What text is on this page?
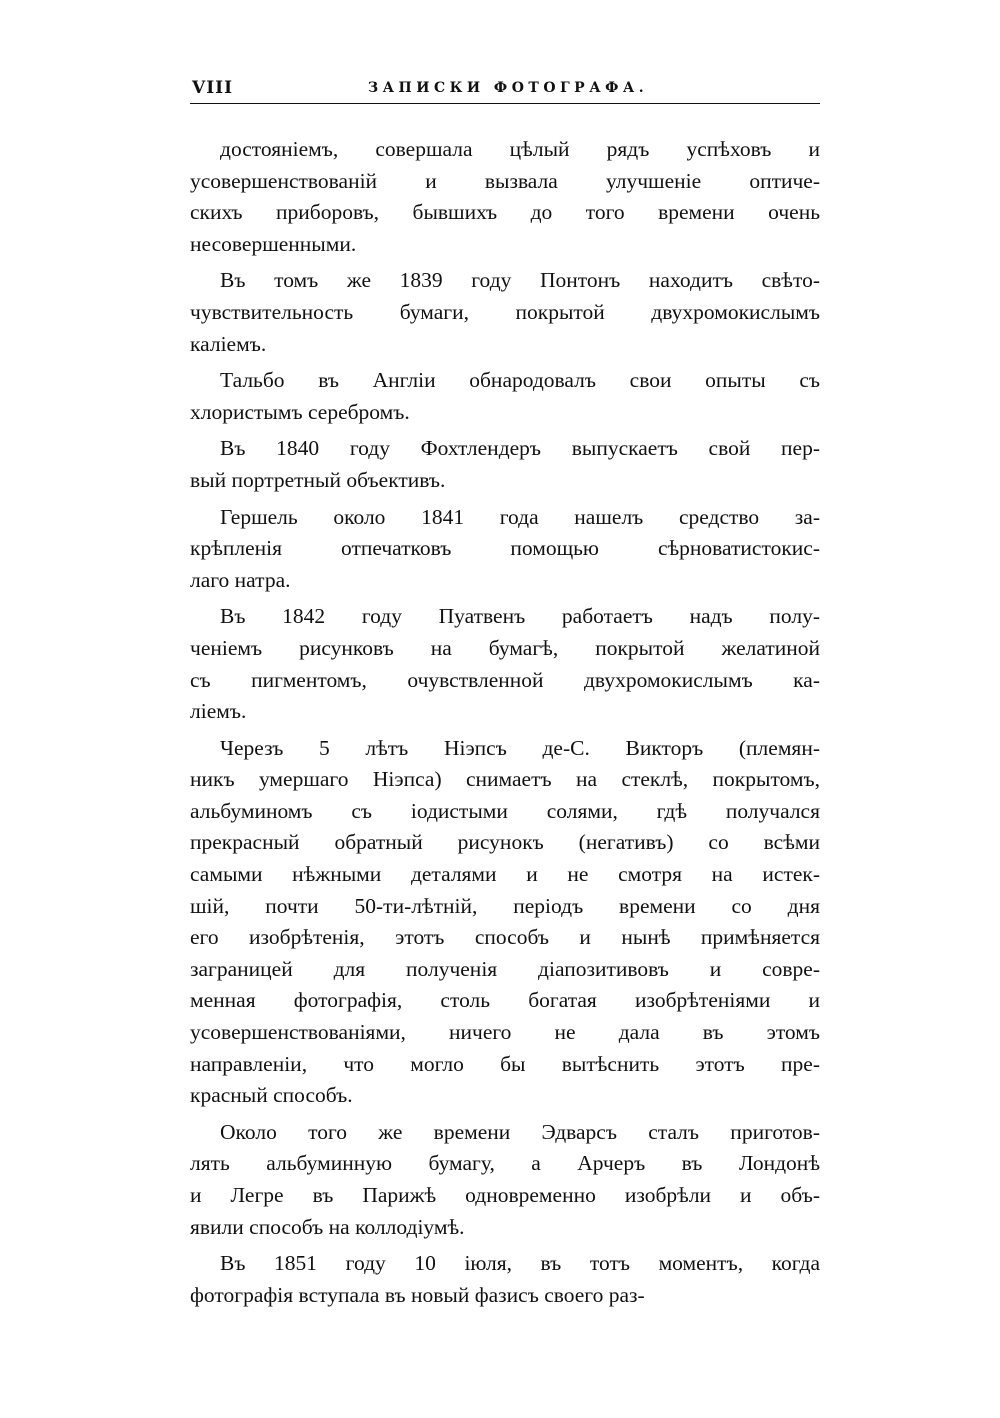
VIII	ЗАПИСКИ ФОТОГРАФА.
достоянiемъ, совершала цѣлый рядъ успѣховъ и
усовершенствованiй и вызвала улучшенiе оптиче-
скихъ приборовъ, бывшихъ до того времени очень
несовершенными.
Въ томъ же 1839 году Понтонъ находитъ свѣто-
чувствительность бумаги, покрытой двухромокислымъ
калiемъ.
Тальбо въ Англiи обнародовалъ свои опыты съ
хлористымъ серебромъ.
Въ 1840 году Фохтлендеръ выпускаетъ свой пер-
вый портретный объективъ.
Гершель около 1841 года нашелъ средство за-
крѣпленiя отпечатковъ помощью сѣрноватистокис-
лаго натра.
Въ 1842 году Пуатвенъ работаетъ надъ полу-
ченiемъ рисунковъ на бумагѣ, покрытой желатиной
съ пигментомъ, очувствленной двухромокислымъ ка-
лiемъ.
Черезъ 5 лѣтъ Нiэпсъ де-С. Викторъ (племян-
никъ умершаго Нiэпса) снимаетъ на стеклѣ, покрытомъ,
альбуминомъ съ iодистыми солями, гдѣ получался
прекрасный обратный рисунокъ (негативъ) со всѣми
самыми нѣжными деталями и не смотря на истек-
шiй, почти 50-ти-лѣтнiй, перiодъ времени со дня
его изобрѣтенiя, этотъ способъ и нынѣ примѣняется
заграницей для полученiя дiапозитивовъ и совре-
менная фотографiя, столь богатая изобрѣтенiями и
усовершенствованiями, ничего не дала въ этомъ
направленiи, что могло бы вытѣснить этотъ пре-
красный способъ.
Около того же времени Эдварсъ сталъ приготов-
лять альбуминную бумагу, а Арчеръ въ Лондонѣ
и Легре въ Парижѣ одновременно изобрѣли и объ-
явили способъ на коллодiумѣ.
Въ 1851 году 10 iюля, въ тотъ моментъ, когда
фотографiя вступала въ новый фазисъ своего раз-
